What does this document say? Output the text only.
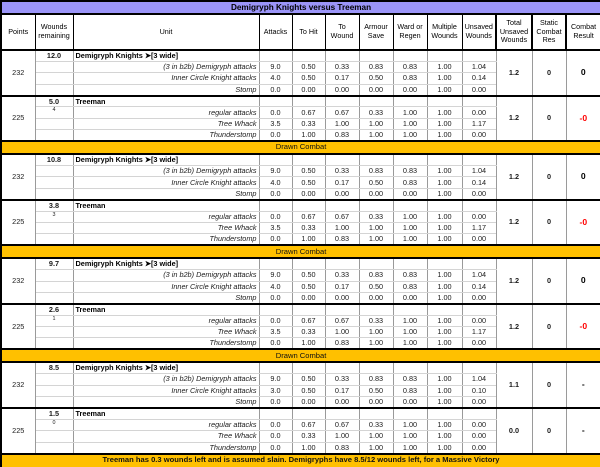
Demigryph Knights versus Treeman												
Points	Wounds remaining	Unit	Attacks	To Hit	To Wound	Armour Save	Ward or Regen	Multiple Wounds	Unsaved Wounds	Total Unsaved Wounds	Static Combat Res	Combat Result
232	12.0	Demigryph Knights ➤[3 wide]								1.2	0	0
		(3 in b2b) Demigryph attacks	9.0	0.50	0.33	0.83	0.83	1.00	1.04			
		Inner Circle Knight attacks	4.0	0.50	0.17	0.50	0.83	1.00	0.14			
		Stomp	0.0	0.00	0.00	0.00	0.00	1.00	0.00			
225	5.0	Treeman								1.2	0	-0
	4	regular attacks	0.0	0.67	0.67	0.33	1.00	1.00	0.00			
		Tree Whack	3.5	0.33	1.00	1.00	1.00	1.00	1.17			
		Thunderstomp	0.0	1.00	0.83	1.00	1.00	1.00	0.00			
Drawn Combat												
232	10.8	Demigryph Knights ➤[3 wide]								1.2	0	0
		(3 in b2b) Demigryph attacks	9.0	0.50	0.33	0.83	0.83	1.00	1.04			
		Inner Circle Knight attacks	4.0	0.50	0.17	0.50	0.83	1.00	0.14			
		Stomp	0.0	0.00	0.00	0.00	0.00	1.00	0.00			
225	3.8	Treeman								1.2	0	-0
	3	regular attacks	0.0	0.67	0.67	0.33	1.00	1.00	0.00			
		Tree Whack	3.5	0.33	1.00	1.00	1.00	1.00	1.17			
		Thunderstomp	0.0	1.00	0.83	1.00	1.00	1.00	0.00			
Drawn Combat												
232	9.7	Demigryph Knights ➤[3 wide]								1.2	0	0
		(3 in b2b) Demigryph attacks	9.0	0.50	0.33	0.83	0.83	1.00	1.04			
		Inner Circle Knight attacks	4.0	0.50	0.17	0.50	0.83	1.00	0.14			
		Stomp	0.0	0.00	0.00	0.00	0.00	1.00	0.00			
225	2.6	Treeman								1.2	0	-0
	1	regular attacks	0.0	0.67	0.67	0.33	1.00	1.00	0.00			
		Tree Whack	3.5	0.33	1.00	1.00	1.00	1.00	1.17			
		Thunderstomp	0.0	1.00	0.83	1.00	1.00	1.00	0.00			
Drawn Combat												
232	8.5	Demigryph Knights ➤[3 wide]								1.1	0	-
		(3 in b2b) Demigryph attacks	9.0	0.50	0.33	0.83	0.83	1.00	1.04			
		Inner Circle Knight attacks	3.0	0.50	0.17	0.50	0.83	1.00	0.10			
		Stomp	0.0	0.00	0.00	0.00	0.00	1.00	0.00			
225	1.5	Treeman								0.0	0	-
	0	regular attacks	0.0	0.67	0.67	0.33	1.00	1.00	0.00			
		Tree Whack	0.0	0.33	1.00	1.00	1.00	1.00	0.00			
		Thunderstomp	0.0	1.00	0.83	1.00	1.00	1.00	0.00			
Treeman has 0.3 wounds left and is assumed slain. Demigryphs have 8.5/12 wounds left, for a Massive Victory												
